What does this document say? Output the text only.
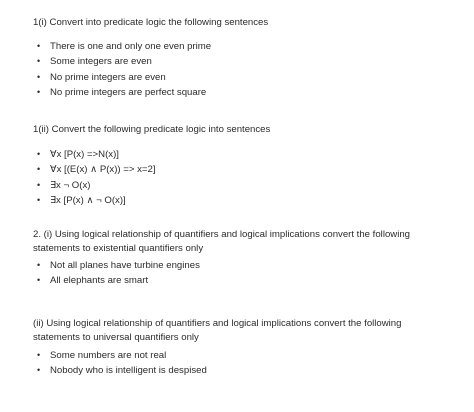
1(i) Convert into predicate logic the following sentences

• There is one and only one even prime
• Some integers are even
• No prime integers are even
• No prime integers are perfect square

1(ii) Convert the following predicate logic into sentences

• ∀x [P(x) =>N(x)]
• ∀x [(E(x) ∧ P(x)) => x=2]
• ∃x ¬ O(x)
• ∃x [P(x) ∧ ¬ O(x)]

2. (i) Using logical relationship of quantifiers and logical implications convert the following statements to existential quantifiers only

• Not all planes have turbine engines
• All elephants are smart

(ii) Using logical relationship of quantifiers and logical implications convert the following statements to universal quantifiers only

• Some numbers are not real
• Nobody who is intelligent is despised
